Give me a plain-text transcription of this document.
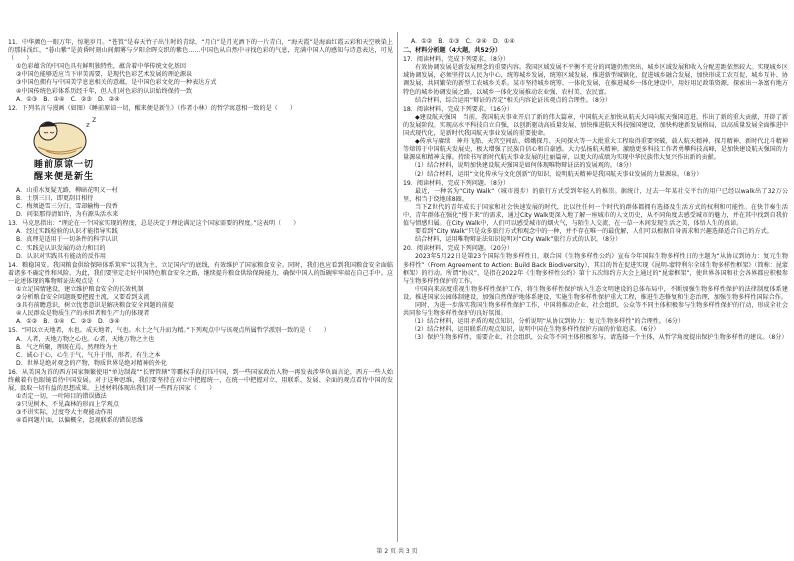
11．中华颜色一眼万年，惊艳岁月。“苍筤”是春天竹子出生时的青绿，“月白”是月光洒下的一片青白，“海天霞”是海面红霞云彩和天空映染上的那抹浅红，“暮山紫”是黄昏时刻山间烟雾与夕阳余晖交织的紫色……中国色从自然中寻找色彩的气息，充满中国人的感知与诗意表达，可见（　　）

①色彩蕴含的中国色具有鲜明独特性，蕴含着中华传统文化基因

②中国色能够适应当下审美需要，是现代色彩艺术发展的理论源泉

③中国色拥有与中国美学息息相关的意蕴，是中国色彩文化的一种表达方式

④中国传统色彩体系历经千年，但人们对色彩的认识始终保持一致

A．①③　B．①④　C．②③　D．②④

12．下列名言与漫画（如图）《睡前原谅一切，醒来便是新生》（作者小林）的哲学寓意相一致的是（　　）

z
z
睡前原谅一切
醒来便是新生

A．山重水复疑无路，柳暗花明又一村

B．士别三日，即更刮目相待

C．梅须逊雪三分白，雪却输梅一段香

D．问渠那得清如许，为有源头活水来

13．马克思指出：“理论在一个国家实现的程度，总是决定于理论满足这个国家需要的程度。”这表明（　　）

A．经过实践检验的认识才能指导实践

B．真理是适用于一切条件的科学认识

C．实践是认识发展的动力和目的

D．认识对实践具有能动的反作用

14．粮稳国安。我国粮食供给保障体系筑牢“以我为主、立足国内”的底线，有效维护了国家粮食安全。同时，我们也应看到我国粮食安全面临着诸多不确定性和风险。为此，我们要坚定走好中国特色粮食安全之路，继续提升粮食供给保障能力，确保中国人的饭碗牢牢端在自己手中。这一论述体现的唯物辩证法观点是（　　）

①立足国情建设，建立维护粮食安全的长效机制

②分析粮食安全问题既要把握主流，又要看到支流

③具有前瞻意识，树立忧患意识是解决粮食安全问题的前提

④人民群众是物质生产的承担者和生产力的体现者

A．①②　B．①④　C．②③　D．③④

15．“同以立天地者，水也。成天地者，气也。水土之气升而为精。”下列观点中与该观点所属哲学派别一致的是（　　）

A．人者，天地万物之心也。心者，天地万物之主也

B．气之所聚，理既在焉，然理终为主

C．诚心于心，心生于气，气升于形，形者，有生之本

D．世界是绝对观念的产物，物质世界是绝对精神的外化

16．从美国为首的西方国家频繁使用“单边制裁”“长臂管辖”等霸权手段打压中国，到一些国家政治人物一再发表涉华负面言论，西方一些人始终戴着有色眼镜看待中国发展。对于这种思维，我们要坚持在对立中把握统一，在统一中把握对立，用联系、发展、全面的观点看待中国的发展，汲取一切有益的思想成果。上述材料体现出我们对一些西方国家（　　）

①否定一切，一叶障目的错误做法

②只见树木，不见森林的形而上学观点

③不讲实际，过度夸大主观能动作用

④看问题片面，以偏概全，忽视联系的错误思维

A．①②　B．①③　C．②④　D．①④

二、材料分析题（4大题，共52分）

17．阅读材料，完成下列要求。（8分）

有效协调发展是新发展理念的重要内容。我国区域发展不平衡不充分的问题仍然突出，城乡区域发展和收入分配差距依然较大。实现城乡区域协调发展，必须坚持以人民为中心，统筹城乡发展，统筹区域发展，推进新型城镇化，促进城乡融合发展，加快形成工农互促、城乡互补、协调发展、共同繁荣的新型工农城乡关系。某市坚持城乡统筹、一体化发展，在推进城乡一体化建设中，用好用足政策资源，探索出一条富有地方特色的城乡协调发展之路，以城乡一体化发展推动农业强、农村美、农民富。

结合材料，综合运用“辩证的否定”相关内容论证该观点的合理性。（8分）

18．阅读材料，完成下列要求。（16分）

◆建设航天强国　当前，我国航天事业开启了新的伟大篇章，中国航天正加快从航天大国向航天强国迈进，作出了新的重大贡献，开辟了新的发展阶段。实现高水平科技自立自强，以创新驱动高质量发展，加快推进航天科技强国建设，加快构建新发展格局，以高质量发展全面推进中国式现代化，是新时代我国航天事业发展的重要使命。

◆传承与赓续　神舟飞船、天宫空间站、嫦娥探月、天问探火等一大批重大工程取得重要突破，载人航天精神、探月精神、新时代北斗精神等熔铸于中国航天发展史，极大增强了民族自信心和自豪感。大力弘扬航天精神，激励更多科技工作者勇攀科技高峰，是加快建设航天强国的力量源泉和精神支撑。持续书写新时代航天事业发展的壮丽篇章，以更大的成绩为实现中华民族伟大复兴作出新的贡献。

（1）结合材料，说明加快建设航天强国是如何体现唯物辩证法的发展观的。（8分）

（2）结合材料，运用“文化传承与文化创新”的知识，说明航天精神是我国航天事业发展的力量源泉。（8分）

19．阅读材料，完成下列问题。（8分）

最近，一种名为“City Walk”（城市漫步）的旅行方式受到年轻人的推崇。据统计，过去一年某社交平台的用户已经以walk出了32万公里，相当于绕地球8圈。

当下Z世代的青年成长于国家和社会快速发展的时代，比以往任何一个时代的群体都拥有选择及生活方式的权利和可能性。在快节奏生活中，青年群体在强化“慢下来”的需求，通过City Walk更深入地了解一座城市的人文历史，从不同角度去感受城市的魅力，并在其中找到自我价值与情感归属。在City Walk中，人们可以感受城市的烟火气，与陌生人交流，在一草一木间发现生活之美，体悟人生的真谛。

要看到“City Walk”只是众多旅行方式和观念中的一种，并不存在唯一的最优解，人们可以根据自身需求和兴趣选择适合自己的方式。

结合材料，运用唯物辩证法知识说明对“City Walk”旅行方式的认识。（8分）

20．阅读材料，完成下列问题。（20分）

2023年5月22日是第23个国际生物多样性日，联合国《生物多样性公约》宣布今年国际生物多样性日的主题为“从协议到协力：复元生物多样性”（From Agreement to Action: Build Back Biodiversity），其目的旨在促进实现《昆明-蒙特利尔全球生物多样性框架》（简称：昆蒙框架）的行动。所谓“协议”，是指在2022年《生物多样性公约》第十五次缔约方大会上通过的“昆蒙框架”，使世界各国和社会各界都应积极参与生物多样性保护的工作。

中国向来高度重视生物多样性保护工作，将生物多样性保护纳入生态文明建设的总体布局中，不断加强生物多样性保护的法律制度体系建设，推进国家公园体制建设，加强自然保护地体系建设，实施生物多样性保护重大工程，推进生态修复和生态治理，加强生物多样性国际合作。

同时，为进一步落实我国生物多样性保护工作，中国将推动企业、社会组织、公众等不同主体积极参与生物多样性保护的行动，形成全社会共同参与生物多样性保护的良好氛围。

（1）结合材料，运用矛盾的观点知识，分析说明“从协议到协力：复元生物多样性”的合理性。（6分）

（2）结合材料，运用联系的观点知识，说明中国在生物多样性保护方面的价值追求。（6分）

（3）保护生物多样性，需要企业、社会组织、公众等不同主体积极参与。请选择一个主体，从哲学角度提出保护生物多样性的建议。（8分）

第 2 页 共 3 页
